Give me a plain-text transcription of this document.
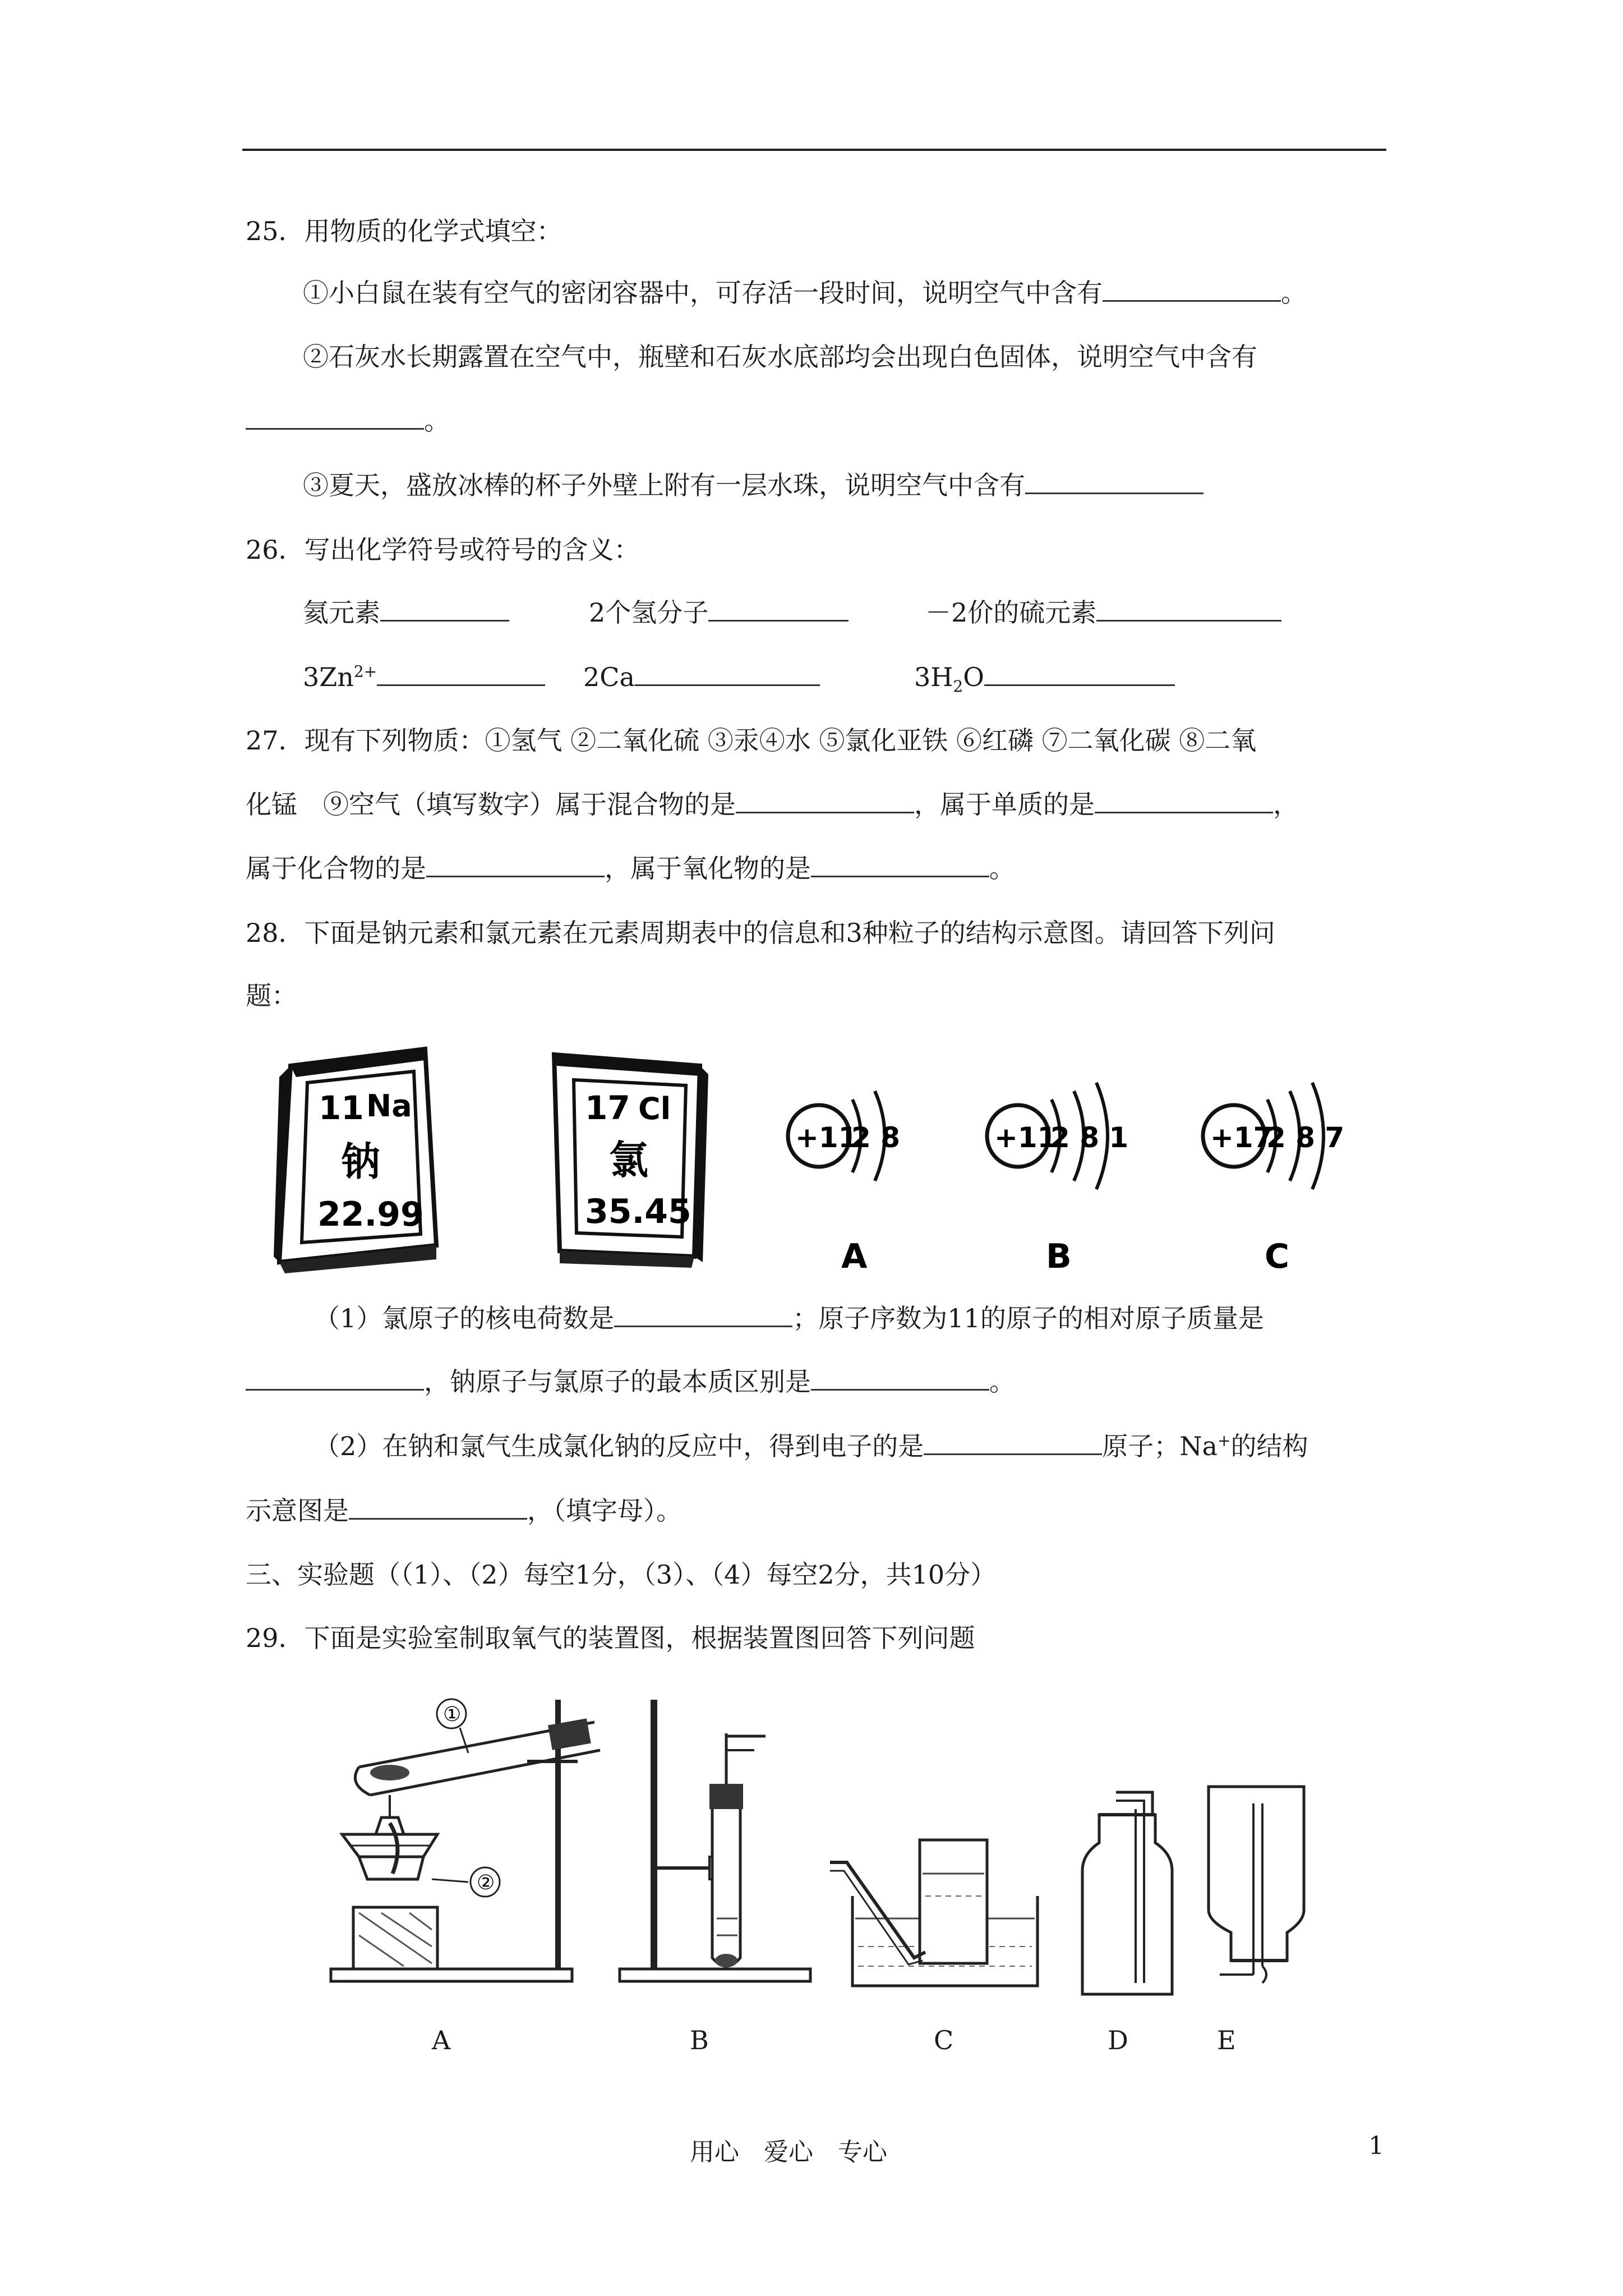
25．用物质的化学式填空：
①小白鼠在装有空气的密闭容器中，可存活一段时间，说明空气中含有	。
②石灰水长期露置在空气中，瓶壁和石灰水底部均会出现白色固体，说明空气中含有
。
③夏天，盛放冰棒的杯子外壁上附有一层水珠，说明空气中含有
26．写出化学符号或符号的含义：
氦元素	2个氢分子	－2价的硫元素
$3Zn^{2+}$	2Ca	$3H_2O$
27．现有下列物质：①氢气 ②二氧化硫 ③汞④水 ⑤氯化亚铁 ⑥红磷 ⑦二氧化碳 ⑧二氧
化锰　⑨空气（填写数字）属于混合物的是	，属于单质的是	，
属于化合物的是	，属于氧化物的是	。
28．下面是钠元素和氯元素在元素周期表中的信息和3种粒子的结构示意图。请回答下列问
题：
11 Na
钠
22.99
17 Cl
氯
35.45
+11
2 8
A
+11
2 8 1
B
+17
2 8 7
C
（1）氯原子的核电荷数是	；原子序数为11的原子的相对原子质量是
，钠原子与氯原子的最本质区别是	。
（2）在钠和氯气生成氯化钠的反应中，得到电子的是	原子；Na+的结构
示意图是	，（填字母）。
三、实验题（（1）、（2）每空1分，（3）、（4）每空2分，共10分）
29．下面是实验室制取氧气的装置图，根据装置图回答下列问题
①
②
A	B	C	D	E
用心　爱心　专心	1
